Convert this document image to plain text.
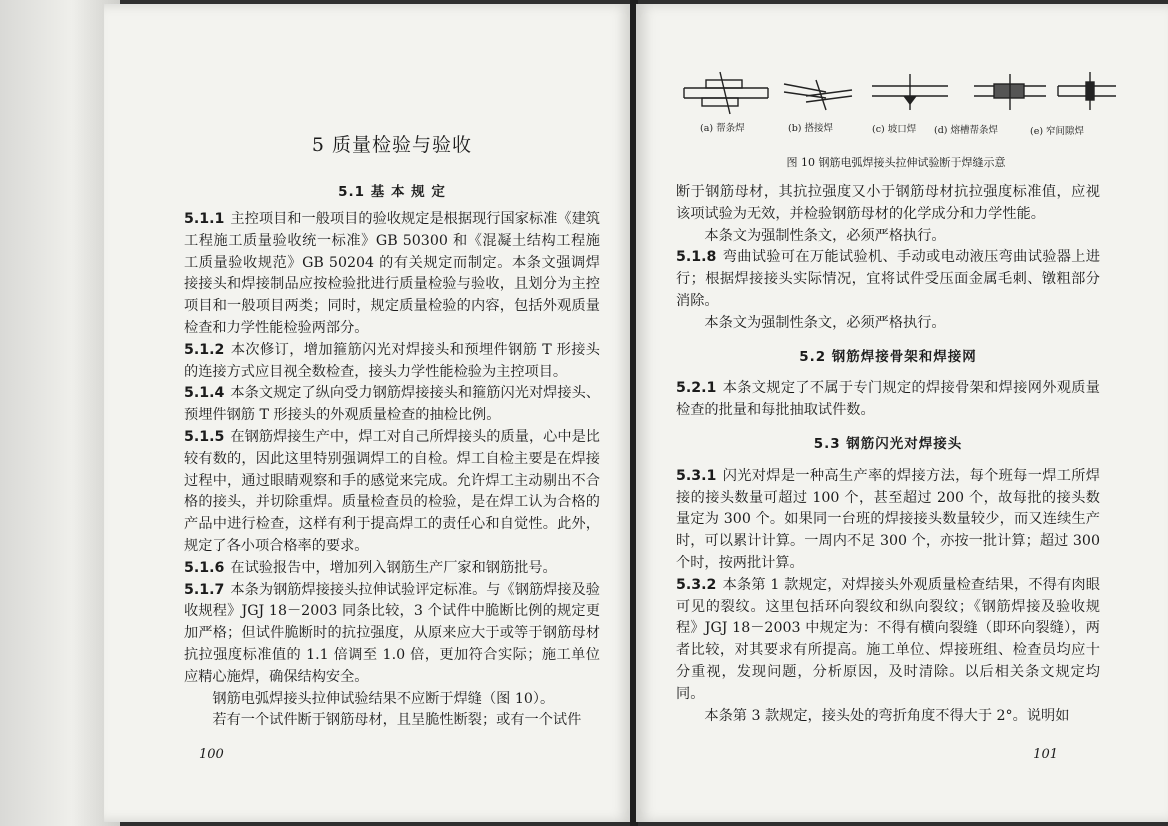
5 质量检验与验收
5.1 基 本 规 定

5.1.1 主控项目和一般项目的验收规定是根据现行国家标准《建筑工程施工质量验收统一标准》GB 50300 和《混凝土结构工程施工质量验收规范》GB 50204 的有关规定而制定。本条文强调焊接接头和焊接制品应按检验批进行质量检验与验收，且划分为主控项目和一般项目两类；同时，规定质量检验的内容，包括外观质量检查和力学性能检验两部分。

5.1.2 本次修订，增加箍筋闪光对焊接头和预埋件钢筋 T 形接头的连接方式应目视全数检查，接头力学性能检验为主控项目。

5.1.4 本条文规定了纵向受力钢筋焊接接头和箍筋闪光对焊接头、预埋件钢筋 T 形接头的外观质量检查的抽检比例。

5.1.5 在钢筋焊接生产中，焊工对自己所焊接头的质量，心中是比较有数的，因此这里特别强调焊工的自检。焊工自检主要是在焊接过程中，通过眼睛观察和手的感觉来完成。允许焊工主动剔出不合格的接头，并切除重焊。质量检查员的检验，是在焊工认为合格的产品中进行检查，这样有利于提高焊工的责任心和自觉性。此外，规定了各小项合格率的要求。

5.1.6 在试验报告中，增加列入钢筋生产厂家和钢筋批号。

5.1.7 本条为钢筋焊接接头拉伸试验评定标准。与《钢筋焊接及验收规程》JGJ 18－2003 同条比较，3 个试件中脆断比例的规定更加严格；但试件脆断时的抗拉强度，从原来应大于或等于钢筋母材抗拉强度标准值的 1.1 倍调至 1.0 倍，更加符合实际；施工单位应精心施焊，确保结构安全。

钢筋电弧焊接头拉伸试验结果不应断于焊缝（图 10）。

若有一个试件断于钢筋母材，且呈脆性断裂；或有一个试件

100
(a) 帮条焊	(b) 搭接焊	(c) 坡口焊 (d) 熔槽帮条焊	(e) 窄间隙焊
图 10 钢筋电弧焊接头拉伸试验断于焊缝示意

断于钢筋母材，其抗拉强度又小于钢筋母材抗拉强度标准值，应视该项试验为无效，并检验钢筋母材的化学成分和力学性能。

本条文为强制性条文，必须严格执行。

5.1.8 弯曲试验可在万能试验机、手动或电动液压弯曲试验器上进行；根据焊接接头实际情况，宜将试件受压面金属毛刺、镦粗部分消除。

本条文为强制性条文，必须严格执行。

5.2 钢筋焊接骨架和焊接网

5.2.1 本条文规定了不属于专门规定的焊接骨架和焊接网外观质量检查的批量和每批抽取试件数。

5.3 钢筋闪光对焊接头

5.3.1 闪光对焊是一种高生产率的焊接方法，每个班每一焊工所焊接的接头数量可超过 100 个，甚至超过 200 个，故每批的接头数量定为 300 个。如果同一台班的焊接接头数量较少，而又连续生产时，可以累计计算。一周内不足 300 个，亦按一批计算；超过 300 个时，按两批计算。

5.3.2 本条第 1 款规定，对焊接头外观质量检查结果，不得有肉眼可见的裂纹。这里包括环向裂纹和纵向裂纹；《钢筋焊接及验收规程》JGJ 18－2003 中规定为：不得有横向裂缝（即环向裂缝），两者比较，对其要求有所提高。施工单位、焊接班组、检查员均应十分重视，发现问题，分析原因，及时清除。以后相关条文规定均同。

本条第 3 款规定，接头处的弯折角度不得大于 2°。说明如

101
